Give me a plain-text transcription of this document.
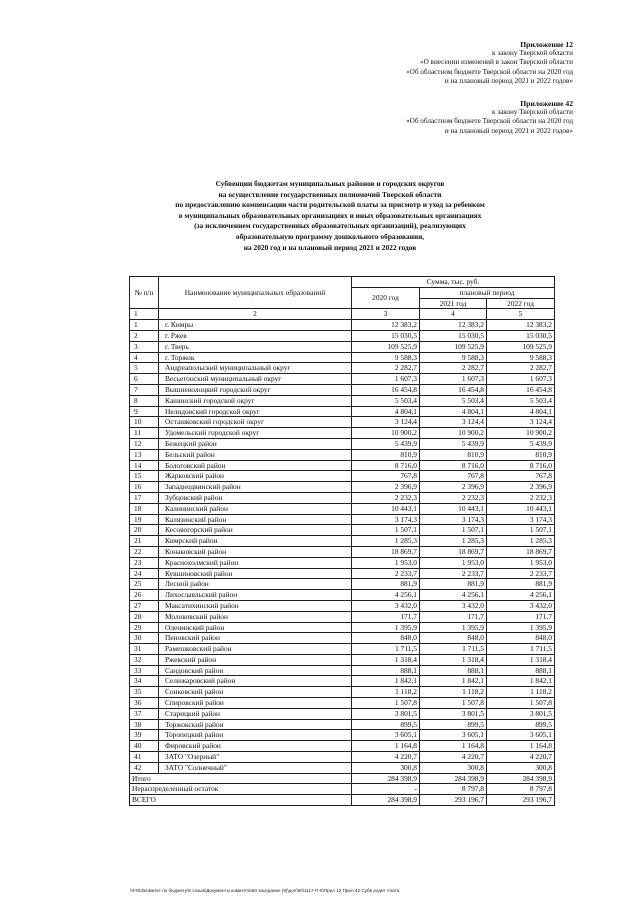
Приложение 12
к закону Тверской области
«О внесении изменений в закон Тверской области
«Об областном бюджете Тверской области на 2020 год
и на плановый период 2021 и 2022 годов»
Приложение 42
к закону Тверской области
«Об областном бюджете Тверской области на 2020 год
и на плановый период 2021 и 2022 годов»
Субвенции бюджетам муниципальных районов и городских округов
на осуществление государственных полномочий Тверской области
по предоставлению компенсации части родительской платы за присмотр и уход за ребенком
в муниципальных образовательных организациях и иных образовательных организациях
(за исключением государственных образовательных организаций), реализующих
образовательную программу дошкольного образования,
на 2020 год и на плановый период 2021 и 2022 годов
№ п/п	Наименование муниципальных образований	Сумма, тыс. руб.		
		2020 год	плановый период	
			2021 год	2022 год
1	2	3	4	5
1	г. Кимры	12 383,2	12 383,2	12 383,2
2	г. Ржев	15 030,5	15 030,5	15 030,5
3	г. Тверь	109 525,9	109 525,9	109 525,9
4	г. Торжок	9 588,3	9 588,3	9 588,3
5	Андреапольский муниципальный округ	2 282,7	2 282,7	2 282,7
6	Весьегонский муниципальный округ	1 607,3	1 607,3	1 607,3
7	Вышневолоцкий городской округ	16 454,8	16 454,8	16 454,8
8	Кашинский городской округ	5 503,4	5 503,4	5 503,4
9	Нелидовский городской округ	4 804,1	4 804,1	4 804,1
10	Осташковский городской округ	3 124,4	3 124,4	3 124,4
11	Удомельский городской округ	10 900,2	10 900,2	10 900,2
12	Бежецкий район	5 439,9	5 439,9	5 439,9
13	Бельский район	810,9	810,9	810,9
14	Бологовский район	8 716,0	8 716,0	8 716,0
15	Жарковский район	767,8	767,8	767,8
16	Западнодвинский район	2 396,9	2 396,9	2 396,9
17	Зубцовский район	2 232,3	2 232,3	2 232,3
18	Калининский район	10 443,1	10 443,1	10 443,1
19	Калязинский район	3 174,3	3 174,3	3 174,3
20	Кесовогорский район	1 507,1	1 507,1	1 507,1
21	Кимрский район	1 285,3	1 285,3	1 285,3
22	Конаковский район	18 869,7	18 869,7	18 869,7
23	Краснохолмский район	1 953,0	1 953,0	1 953,0
24	Кувшиновский район	2 233,7	2 233,7	2 233,7
25	Лесной район	881,9	881,9	881,9
26	Лихославльский район	4 256,1	4 256,1	4 256,1
27	Максатихинский район	3 432,0	3 432,0	3 432,0
28	Молоковский район	171,7	171,7	171,7
29	Оленинский район	1 395,9	1 395,9	1 395,9
30	Пеновский район	848,0	848,0	848,0
31	Рамешковский район	1 711,5	1 711,5	1 711,5
32	Ржевский район	1 318,4	1 318,4	1 318,4
33	Сандовский район	888,1	888,1	888,1
34	Селижаровский район	1 842,1	1 842,1	1 842,1
35	Сонковский район	1 118,2	1 118,2	1 118,2
36	Спировский район	1 507,8	1 507,8	1 507,8
37	Старицкий район	3 801,5	3 801,5	3 801,5
38	Торжокский район	899,5	899,5	899,5
39	Торопецкий район	3 605,1	3 605,1	3 605,1
40	Фировский район	1 164,8	1 164,8	1 164,8
41	ЗАТО "Озерный"	4 220,7	4 220,7	4 220,7
42	ЗАТО "Солнечный"	300,8	300,8	300,8
Итого		284 398,9	284 398,9	284 398,9
Нераспределенный остаток		-	8 797,8	8 797,8
ВСЕГО		284 398,9	293 196,7	293 196,7
\\Fs03\комитет по бюджету\6 созыв\Документы комитета\60 заседание (9)\доп\60\1117-П-6\Прил 12 Прил 42 Субв родит плата
